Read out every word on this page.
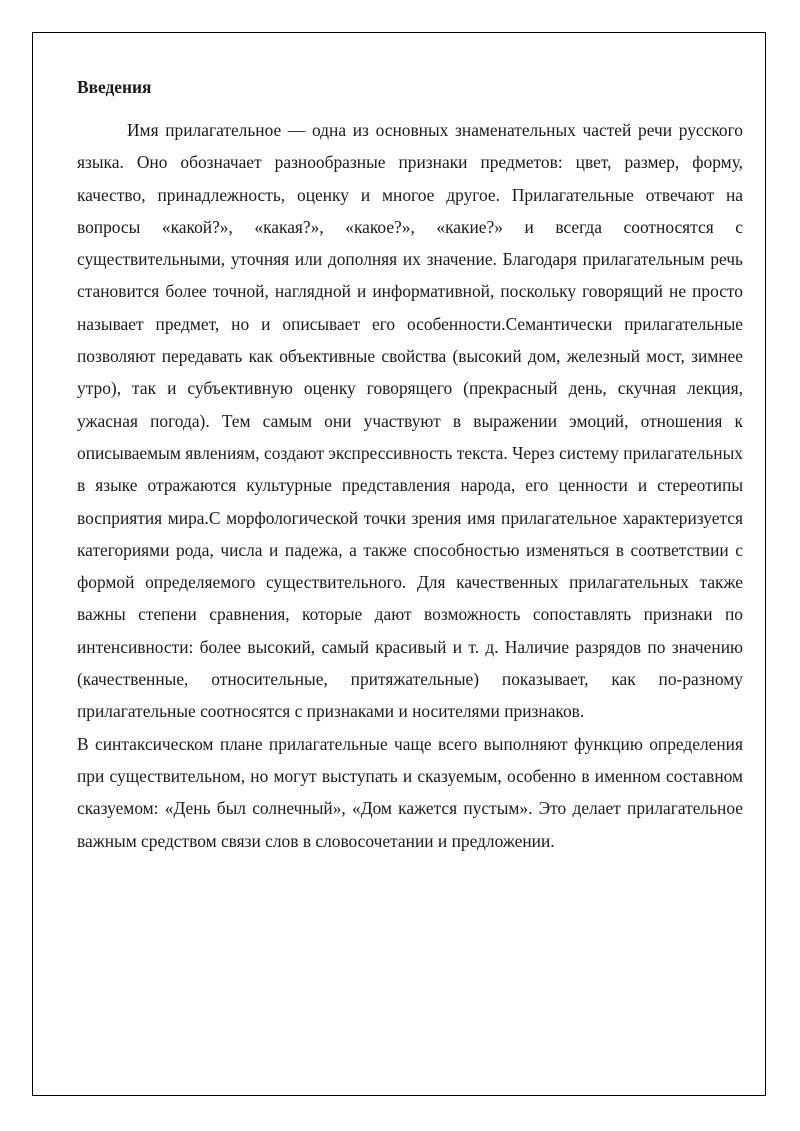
Введения

Имя прилагательное — одна из основных знаменательных частей речи русского языка. Оно обозначает разнообразные признаки предметов: цвет, размер, форму, качество, принадлежность, оценку и многое другое. Прилагательные отвечают на вопросы «какой?», «какая?», «какое?», «какие?» и всегда соотносятся с существительными, уточняя или дополняя их значение. Благодаря прилагательным речь становится более точной, наглядной и информативной, поскольку говорящий не просто называет предмет, но и описывает его особенности.Семантически прилагательные позволяют передавать как объективные свойства (высокий дом, железный мост, зимнее утро), так и субъективную оценку говорящего (прекрасный день, скучная лекция, ужасная погода). Тем самым они участвуют в выражении эмоций, отношения к описываемым явлениям, создают экспрессивность текста. Через систему прилагательных в языке отражаются культурные представления народа, его ценности и стереотипы восприятия мира.С морфологической точки зрения имя прилагательное характеризуется категориями рода, числа и падежа, а также способностью изменяться в соответствии с формой определяемого существительного. Для качественных прилагательных также важны степени сравнения, которые дают возможность сопоставлять признаки по интенсивности: более высокий, самый красивый и т. д. Наличие разрядов по значению (качественные, относительные, притяжательные) показывает, как по-разному прилагательные соотносятся с признаками и носителями признаков.

В синтаксическом плане прилагательные чаще всего выполняют функцию определения при существительном, но могут выступать и сказуемым, особенно в именном составном сказуемом: «День был солнечный», «Дом кажется пустым». Это делает прилагательное важным средством связи слов в словосочетании и предложении.
